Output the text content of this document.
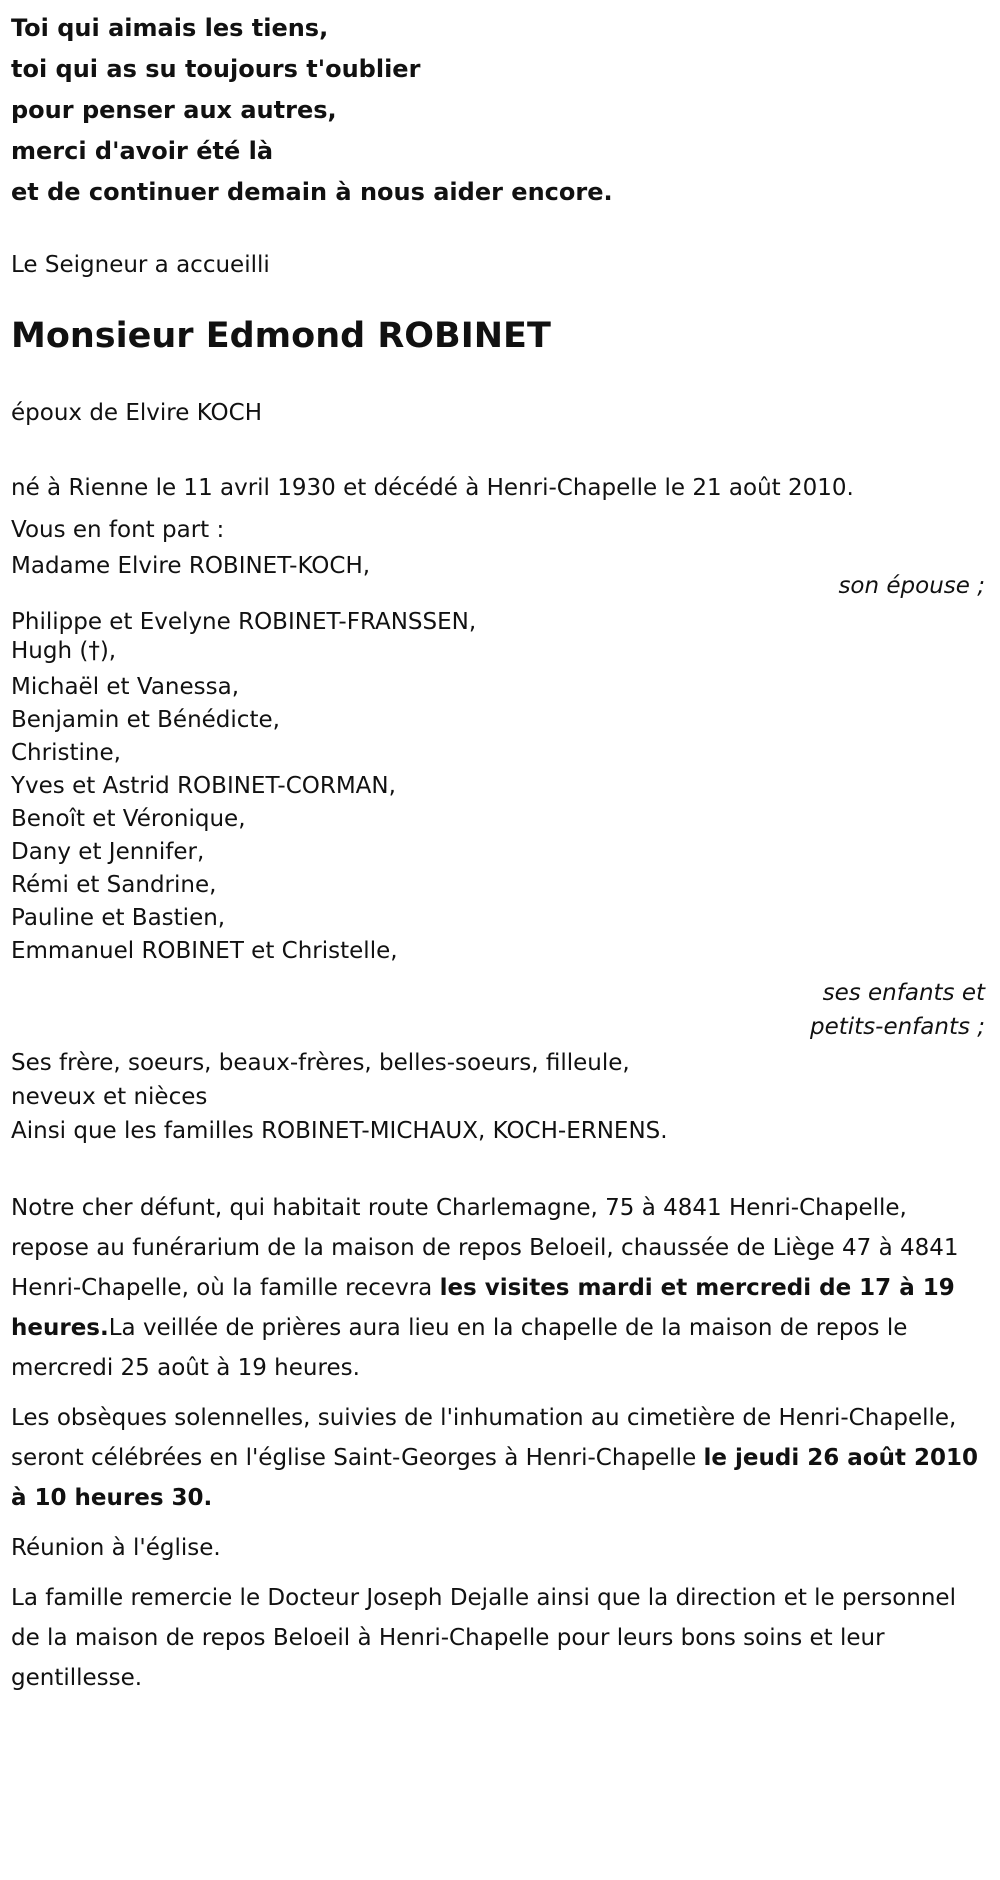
Toi qui aimais les tiens,
toi qui as su toujours t'oublier
pour penser aux autres,
merci d'avoir été là
et de continuer demain à nous aider encore.
Le Seigneur a accueilli
Monsieur Edmond ROBINET
époux de Elvire KOCH
né à Rienne le 11 avril 1930 et décédé à Henri-Chapelle le 21 août 2010.
Vous en font part :
Madame Elvire ROBINET-KOCH,
son épouse ;
Philippe et Evelyne ROBINET-FRANSSEN,
Hugh (†),
Michaël et Vanessa,
Benjamin et Bénédicte,
Christine,
Yves et Astrid ROBINET-CORMAN,
Benoît et Véronique,
Dany et Jennifer,
Rémi et Sandrine,
Pauline et Bastien,
Emmanuel ROBINET et Christelle,
ses enfants et
petits-enfants ;
Ses frère, soeurs, beaux-frères, belles-soeurs, filleule,
neveux et nièces
Ainsi que les familles ROBINET-MICHAUX, KOCH-ERNENS.

Notre cher défunt, qui habitait route Charlemagne, 75 à 4841 Henri-Chapelle, repose au funérarium de la maison de repos Beloeil, chaussée de Liège 47 à 4841 Henri-Chapelle, où la famille recevra les visites mardi et mercredi de 17 à 19 heures.La veillée de prières aura lieu en la chapelle de la maison de repos le mercredi 25 août à 19 heures.

Les obsèques solennelles, suivies de l'inhumation au cimetière de Henri-Chapelle, seront célébrées en l'église Saint-Georges à Henri-Chapelle le jeudi 26 août 2010 à 10 heures 30.

Réunion à l'église.

La famille remercie le Docteur Joseph Dejalle ainsi que la direction et le personnel de la maison de repos Beloeil à Henri-Chapelle pour leurs bons soins et leur gentillesse.
